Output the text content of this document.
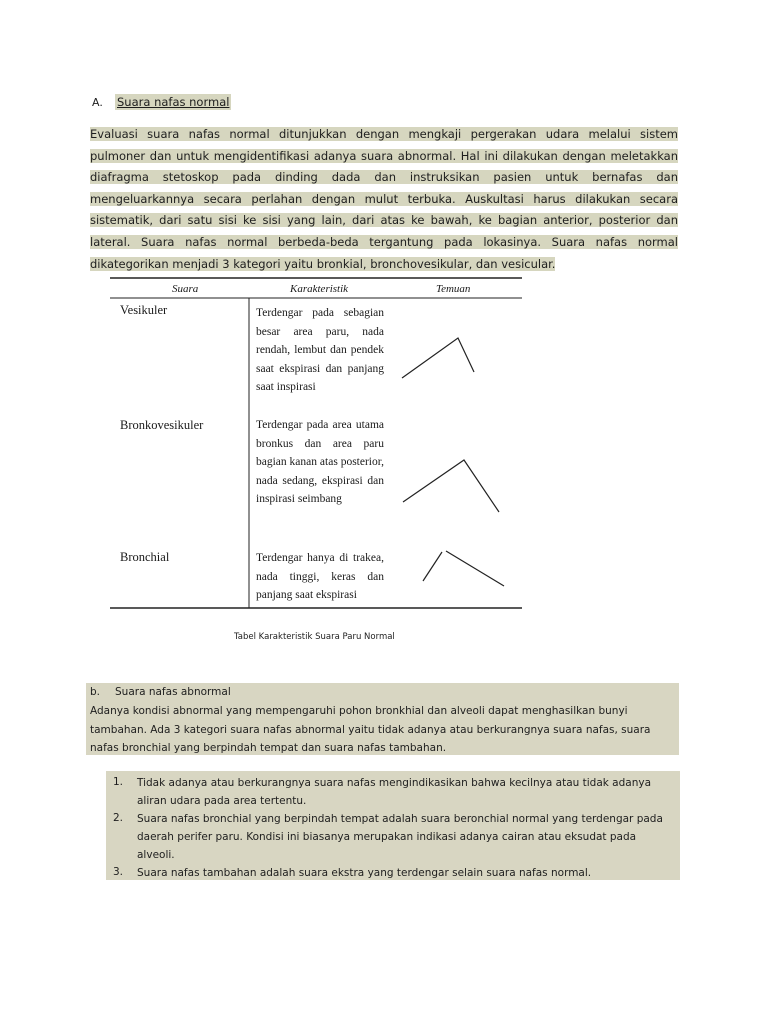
A. Suara nafas normal
Evaluasi suara nafas normal ditunjukkan dengan mengkaji pergerakan udara melalui sistem pulmoner dan untuk mengidentifikasi adanya suara abnormal. Hal ini dilakukan dengan meletakkan diafragma stetoskop pada dinding dada dan instruksikan pasien untuk bernafas dan mengeluarkannya secara perlahan dengan mulut terbuka. Auskultasi harus dilakukan secara sistematik, dari satu sisi ke sisi yang lain, dari atas ke bawah, ke bagian anterior, posterior dan lateral. Suara nafas normal berbeda-beda tergantung pada lokasinya. Suara nafas normal dikategorikan menjadi 3 kategori yaitu bronkial, bronchovesikular, dan vesicular.
Suara	Karakteristik	Temuan
Vesikuler	Terdengar pada sebagian besar area paru, nada rendah, lembut dan pendek saat ekspirasi dan panjang saat inspirasi
Bronkovesikuler	Terdengar pada area utama bronkus dan area paru bagian kanan atas posterior, nada sedang, ekspirasi dan inspirasi seimbang
Bronchial	Terdengar hanya di trakea, nada tinggi, keras dan panjang saat ekspirasi
Tabel Karakteristik Suara Paru Normal
b. Suara nafas abnormal
Adanya kondisi abnormal yang mempengaruhi pohon bronkhial dan alveoli dapat menghasilkan bunyi tambahan. Ada 3 kategori suara nafas abnormal yaitu tidak adanya atau berkurangnya suara nafas, suara nafas bronchial yang berpindah tempat dan suara nafas tambahan.
1. Tidak adanya atau berkurangnya suara nafas mengindikasikan bahwa kecilnya atau tidak adanya aliran udara pada area tertentu.
2. Suara nafas bronchial yang berpindah tempat adalah suara beronchial normal yang terdengar pada daerah perifer paru. Kondisi ini biasanya merupakan indikasi adanya cairan atau eksudat pada alveoli.
3. Suara nafas tambahan adalah suara ekstra yang terdengar selain suara nafas normal.
